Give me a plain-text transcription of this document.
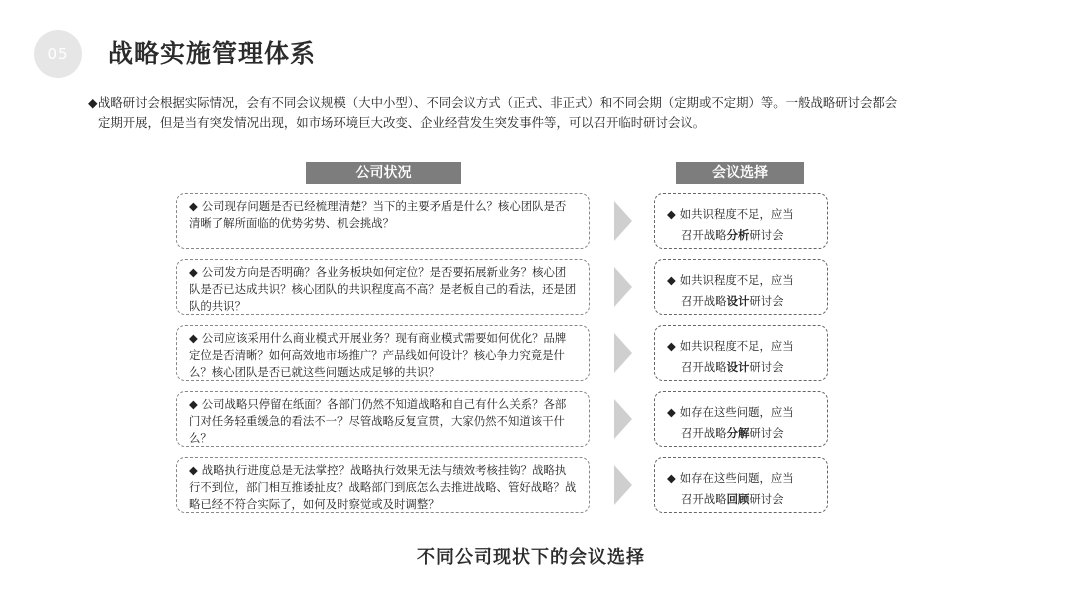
05	战略实施管理体系
◆ 战略研讨会根据实际情况，会有不同会议规模（大中小型）、不同会议方式（正式、非正式）和不同会期（定期或不定期）等。一般战略研讨会都会

定期开展，但是当有突发情况出现，如市场环境巨大改变、企业经营发生突发事件等，可以召开临时研讨会议。

公司状况	会议选择
◆ 公司现存问题是否已经梳理清楚？当下的主要矛盾是什么？核心团队是否清晰了解所面临的优势劣势、机会挑战？
◆ 如共识程度不足，应当
召开战略分析研讨会
◆ 公司发方向是否明确？各业务板块如何定位？是否要拓展新业务？核心团队是否已达成共识？核心团队的共识程度高不高？是老板自己的看法，还是团队的共识？
◆ 如共识程度不足，应当
召开战略设计研讨会
◆ 公司应该采用什么商业模式开展业务？现有商业模式需要如何优化？品牌定位是否清晰？如何高效地市场推广？产品线如何设计？核心争力究竟是什么？核心团队是否已就这些问题达成足够的共识？
◆ 如共识程度不足，应当
召开战略设计研讨会
◆ 公司战略只停留在纸面？各部门仍然不知道战略和自己有什么关系？各部门对任务轻重缓急的看法不一？尽管战略反复宣贯，大家仍然不知道该干什么？
◆ 如存在这些问题，应当
召开战略分解研讨会
◆ 战略执行进度总是无法掌控？战略执行效果无法与绩效考核挂钩？战略执行不到位，部门相互推诿扯皮？战略部门到底怎么去推进战略、管好战略？战略已经不符合实际了，如何及时察觉或及时调整？
◆ 如存在这些问题，应当
召开战略回顾研讨会
不同公司现状下的会议选择
